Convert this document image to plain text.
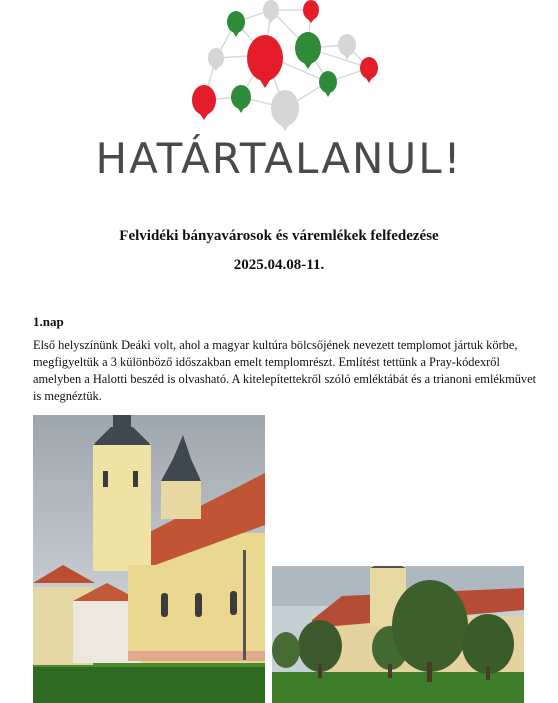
HATÁRTALANUL!
Felvidéki bányavárosok és váremlékek felfedezése
2025.04.08-11.
1.nap
Első helyszínünk Deáki volt, ahol a magyar kultúra bölcsőjének nevezett templomot jártuk körbe, megfigyeltük a 3 különböző időszakban emelt templomrészt. Említést tettünk a Pray-kódexről amelyben a Halotti beszéd is olvasható. A kitelepítettekről szóló emléktábát és a trianoni emlékművet is megnéztük.
